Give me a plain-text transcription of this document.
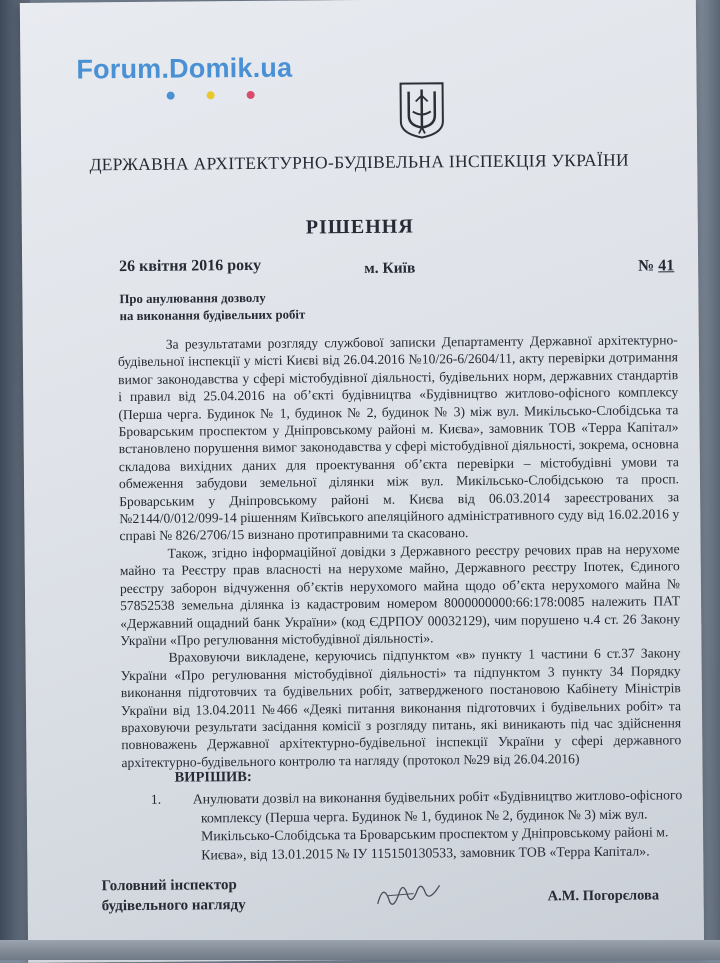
Forum.Domik.ua
ДЕРЖАВНА АРХІТЕКТУРНО-БУДІВЕЛЬНА ІНСПЕКЦІЯ УКРАЇНИ
РІШЕННЯ
26 квітня 2016 року	м. Київ	№ 41
Про анулювання дозволу
на виконання будівельних робіт

За результатами розгляду службової записки Департаменту Державної архітектурно-будівельної інспекції у місті Києві від 26.04.2016 №10/26-6/2604/11, акту перевірки дотримання вимог законодавства у сфері містобудівної діяльності, будівельних норм, державних стандартів і правил від 25.04.2016 на об’єкті будівництва «Будівництво житлово-офісного комплексу (Перша черга. Будинок № 1, будинок № 2, будинок № 3) між вул. Микільсько-Слобідська та Броварським проспектом у Дніпровському районі м. Києва», замовник ТОВ «Терра Капітал» встановлено порушення вимог законодавства у сфері містобудівної діяльності, зокрема, основна складова вихідних даних для проектування об’єкта перевірки – містобудівні умови та обмеження забудови земельної ділянки між вул. Микільсько-Слобідською та просп. Броварським у Дніпровському районі м. Києва від 06.03.2014 зареєстрованих за №2144/0/012/099-14 рішенням Київського апеляційного адміністративного суду від 16.02.2016 у справі № 826/2706/15 визнано протиправними та скасовано.

Також, згідно інформаційної довідки з Державного реєстру речових прав на нерухоме майно та Реєстру прав власності на нерухоме майно, Державного реєстру Іпотек, Єдиного реєстру заборон відчуження об’єктів нерухомого майна щодо об’єкта нерухомого майна № 57852538 земельна ділянка із кадастровим номером 8000000000:66:178:0085 належить ПАТ «Державний ощадний банк України» (код ЄДРПОУ 00032129), чим порушено ч.4 ст. 26 Закону України «Про регулювання містобудівної діяльності».

Враховуючи викладене, керуючись підпунктом «в» пункту 1 частини 6 ст.37 Закону України «Про регулювання містобудівної діяльності» та підпунктом 3 пункту 34 Порядку виконання підготовчих та будівельних робіт, затвердженого постановою Кабінету Міністрів України від 13.04.2011 №466 «Деякі питання виконання підготовчих і будівельних робіт» та враховуючи результати засідання комісії з розгляду питань, які виникають під час здійснення повноважень Державної архітектурно-будівельної інспекції України у сфері державного архітектурно-будівельного контролю та нагляду (протокол №29 від 26.04.2016)

ВИРІШИВ:
1. Анулювати дозвіл на виконання будівельних робіт «Будівництво житлово-офісного комплексу (Перша черга. Будинок № 1, будинок № 2, будинок № 3) між вул. Микільсько-Слобідська та Броварським проспектом у Дніпровському районі м. Києва», від 13.01.2015 № ІУ 115150130533, замовник ТОВ «Терра Капітал».
Головний інспектор
будівельного нагляду
А.М. Погорєлова
